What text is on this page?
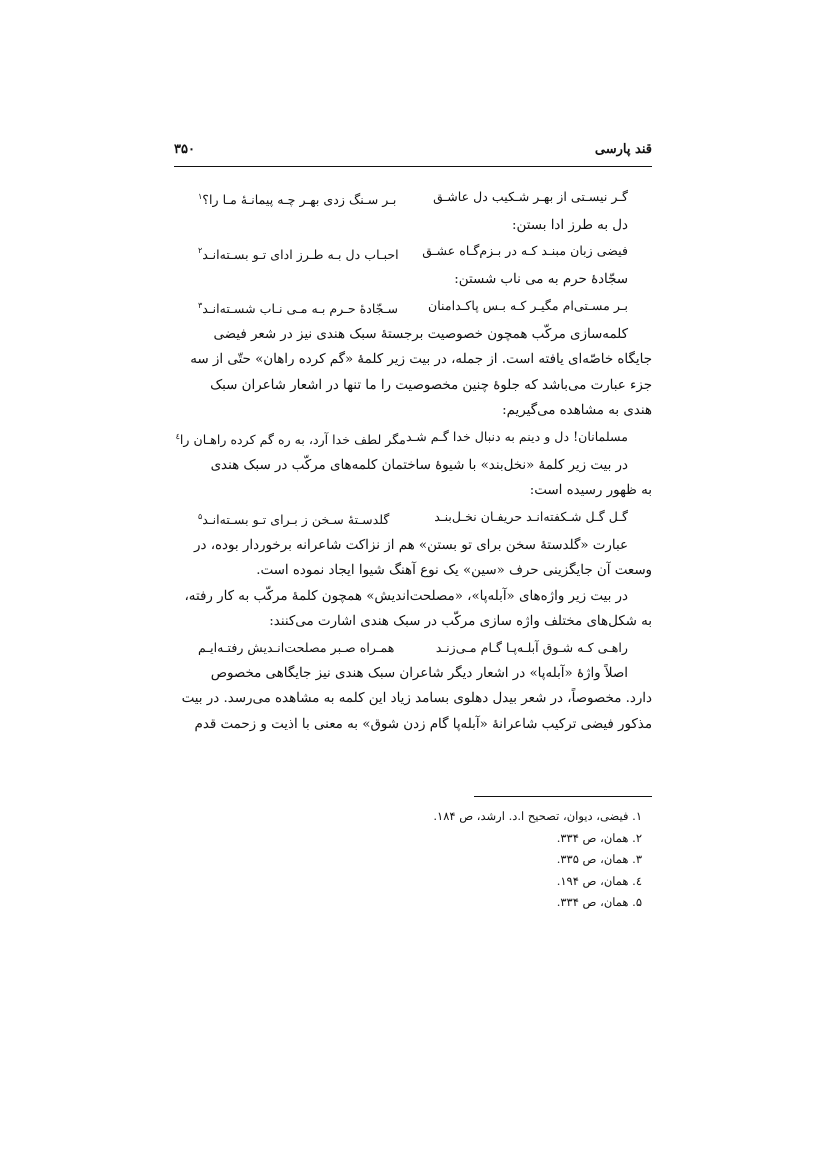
قند پارسی
۳۵۰
گـر نیسـتی از بهـر شـکیب دل عاشـق
بـر سـنگ زدی بهـر چـه پیمانـهٔ مـا را؟$^۱$
دل به طرز ادا بستن:
فیضی زبان مبنـد کـه در بـزم‌گـاه عشـق
احبـاب دل بـه طـرز ادای تـو بسـته‌انـد$^۲$
سجّادهٔ حرم به می ناب شستن:
بـر مسـتی‌ام مگیـر کـه بـس پاکـدامنان
سـجّادهٔ حـرم بـه مـی نـاب شسـته‌انـد$^۳$
کلمه‌سازی مرکّب همچون خصوصیت برجستهٔ سبک هندی نیز در شعر فیضی
جایگاه خاصّه‌ای یافته است. از جمله، در بیت زیر کلمهٔ «گم کرده راهان» حتّی از سه
جزء عبارت می‌باشد که جلوهٔ چنین مخصوصیت را ما تنها در اشعار شاعران سبک
هندی به مشاهده می‌گیریم:
مسلمانان! دل و دینم به دنبال خدا گـم شـد
مگر لطف خدا آرد، به ره گم کرده راهـان را$^٤$
در بیت زیر کلمهٔ «نخل‌بند» با شیوهٔ ساختمان کلمه‌های مرکّب در سبک هندی
به ظهور رسیده است:
گـل گـل شـکفته‌انـد حریفـان نخـل‌بنـد
گلدسـتهٔ سـخن ز بـرای تـو بسـته‌انـد$^۵$
عبارت «گلدستهٔ سخن برای تو بستن» هم از نزاکت شاعرانه برخوردار بوده، در
وسعت آن جایگزینی حرف «سین» یک نوع آهنگ شیوا ایجاد نموده است.
در بیت زیر واژه‌های «آبله‌پا»، «مصلحت‌اندیش» همچون کلمهٔ مرکّب به کار رفته،
به شکل‌های مختلف واژه سازی مرکّب در سبک هندی اشارت می‌کنند:
راهـی کـه شـوق آبلـه‌پـا گـام مـی‌زنـد
همـراه صـبر مصلحت‌انـدیش رفتـه‌ایـم
اصلاً واژهٔ «آبله‌پا» در اشعار دیگر شاعران سبک هندی نیز جایگاهی مخصوص
دارد. مخصوصاً، در شعر بیدل دهلوی بسامد زیاد این کلمه به مشاهده می‌رسد. در بیت
مذکور فیضی ترکیب شاعرانهٔ «آبله‌پا گام زدن شوق» به معنی با اذیت و زحمت قدم
۱. فیضی، دیوان، تصحیح ا.د. ارشد، ص ۱۸۴.
۲. همان، ص ۳۳۴.
۳. همان، ص ۳۳۵.
٤. همان، ص ۱۹۴.
۵. همان، ص ۳۳۴.
